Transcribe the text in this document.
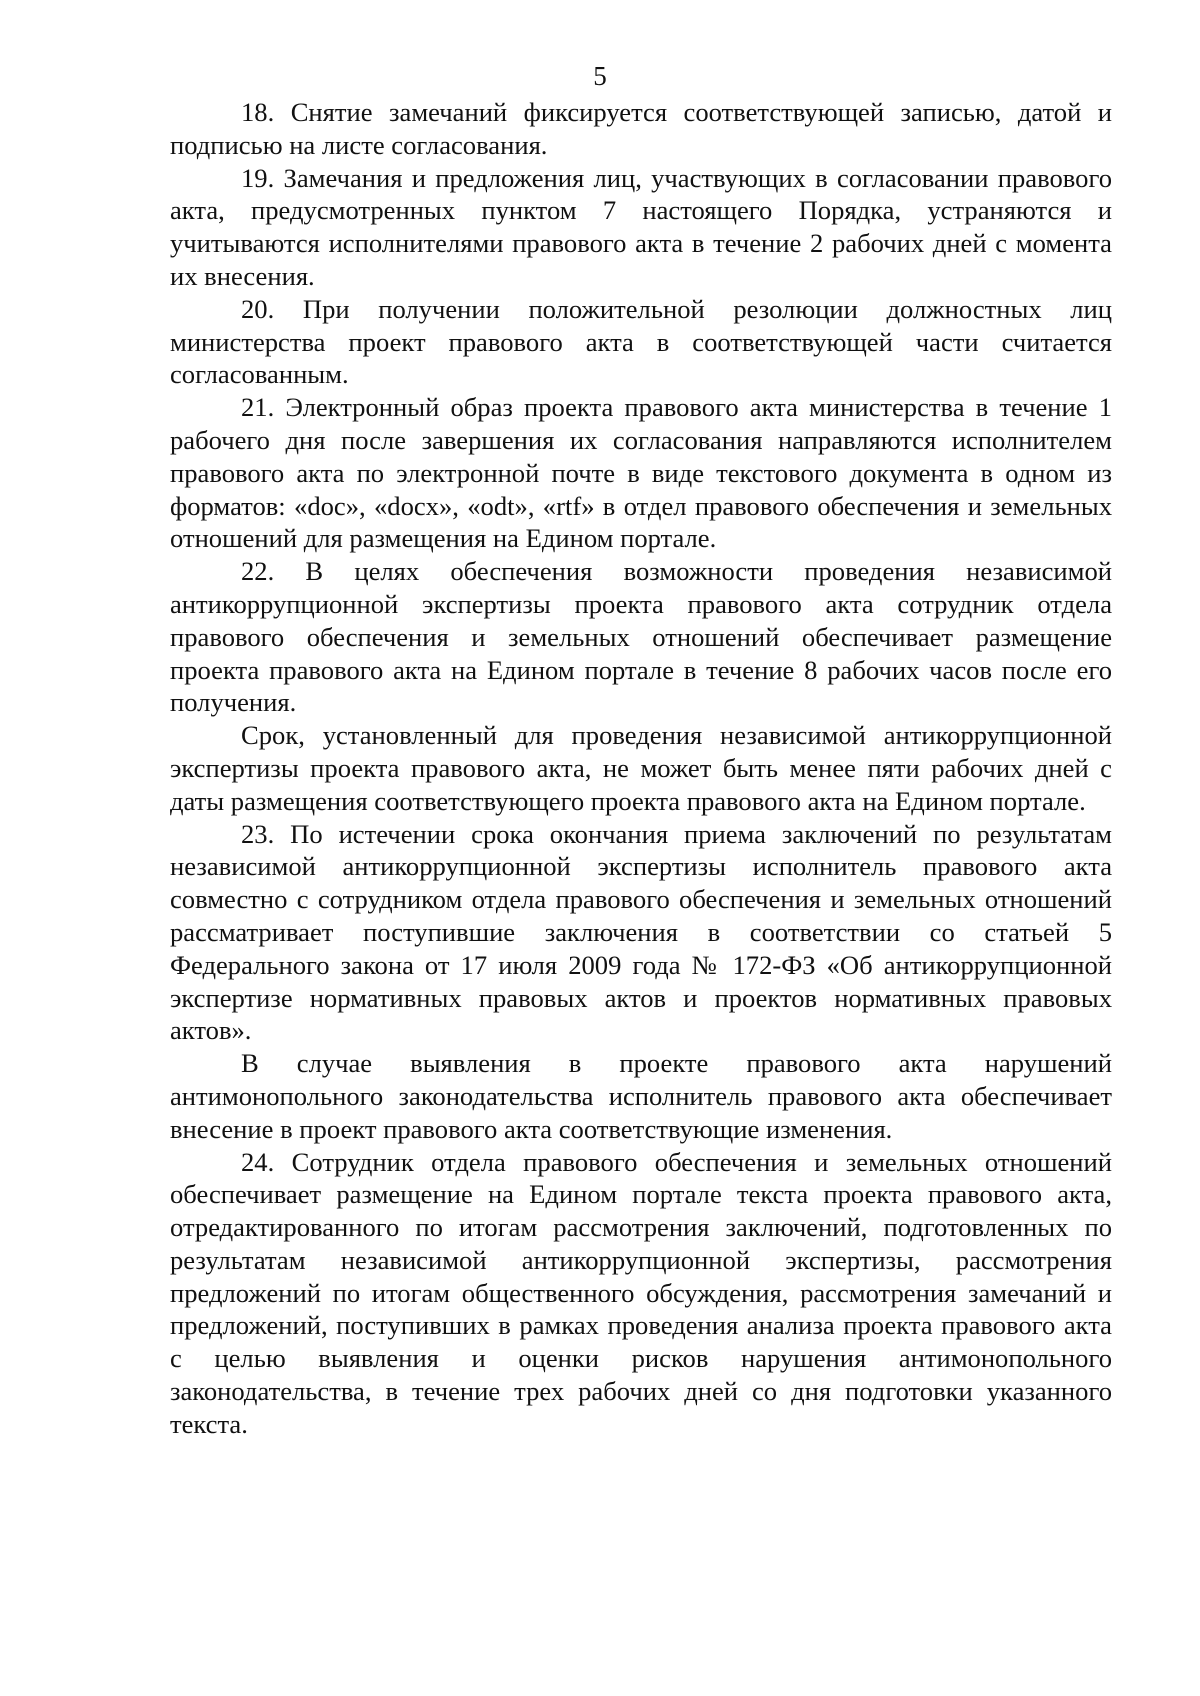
5

18. Снятие замечаний фиксируется соответствующей записью, датой и подписью на листе согласования.

19. Замечания и предложения лиц, участвующих в согласовании правового акта, предусмотренных пунктом 7 настоящего Порядка, устраняются и учитываются исполнителями правового акта в течение 2 рабочих дней с момента их внесения.

20. При получении положительной резолюции должностных лиц министерства проект правового акта в соответствующей части считается согласованным.

21. Электронный образ проекта правового акта министерства в течение 1 рабочего дня после завершения их согласования направляются исполнителем правового акта по электронной почте в виде текстового документа в одном из форматов: «doc», «docx», «odt», «rtf» в отдел правового обеспечения и земельных отношений для размещения на Едином портале.

22. В целях обеспечения возможности проведения независимой антикоррупционной экспертизы проекта правового акта сотрудник отдела правового обеспечения и земельных отношений обеспечивает размещение проекта правового акта на Едином портале в течение 8 рабочих часов после его получения.

Срок, установленный для проведения независимой антикоррупционной экспертизы проекта правового акта, не может быть менее пяти рабочих дней с даты размещения соответствующего проекта правового акта на Едином портале.

23. По истечении срока окончания приема заключений по результатам независимой антикоррупционной экспертизы исполнитель правового акта совместно с сотрудником отдела правового обеспечения и земельных отношений рассматривает поступившие заключения в соответствии со статьей 5 Федерального закона от 17 июля 2009 года № 172-ФЗ «Об антикоррупционной экспертизе нормативных правовых актов и проектов нормативных правовых актов».

В случае выявления в проекте правового акта нарушений антимонопольного законодательства исполнитель правового акта обеспечивает внесение в проект правового акта соответствующие изменения.

24. Сотрудник отдела правового обеспечения и земельных отношений обеспечивает размещение на Едином портале текста проекта правового акта, отредактированного по итогам рассмотрения заключений, подготовленных по результатам независимой антикоррупционной экспертизы, рассмотрения предложений по итогам общественного обсуждения, рассмотрения замечаний и предложений, поступивших в рамках проведения анализа проекта правового акта с целью выявления и оценки рисков нарушения антимонопольного законодательства, в течение трех рабочих дней со дня подготовки указанного текста.
